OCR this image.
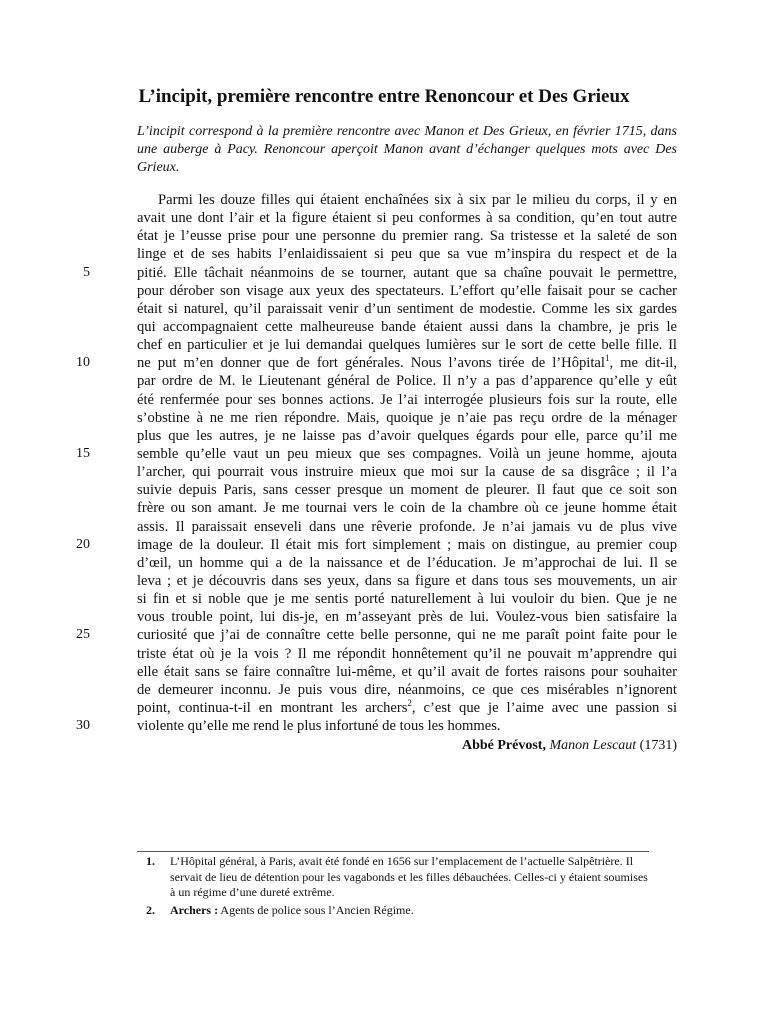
L’incipit, première rencontre entre Renoncour et Des Grieux

L’incipit correspond à la première rencontre avec Manon et Des Grieux, en février 1715, dans une auberge à Pacy. Renoncour aperçoit Manon avant d’échanger quelques mots avec Des Grieux.

Parmi les douze filles qui étaient enchaînées six à six par le milieu du corps, il y en
avait une dont l’air et la figure étaient si peu conformes à sa condition, qu’en tout autre
état je l’eusse prise pour une personne du premier rang. Sa tristesse et la saleté de son
linge et de ses habits l’enlaidissaient si peu que sa vue m’inspira du respect et de la
5	pitié. Elle tâchait néanmoins de se tourner, autant que sa chaîne pouvait le permettre,
pour dérober son visage aux yeux des spectateurs. L’effort qu’elle faisait pour se cacher
était si naturel, qu’il paraissait venir d’un sentiment de modestie. Comme les six gardes
qui accompagnaient cette malheureuse bande étaient aussi dans la chambre, je pris le
chef en particulier et je lui demandai quelques lumières sur le sort de cette belle fille. Il
10	ne put m’en donner que de fort générales. Nous l’avons tirée de l’Hôpital$^1$, me dit-il,
par ordre de M. le Lieutenant général de Police. Il n’y a pas d’apparence qu’elle y eût
été renfermée pour ses bonnes actions. Je l’ai interrogée plusieurs fois sur la route, elle
s’obstine à ne me rien répondre. Mais, quoique je n’aie pas reçu ordre de la ménager
plus que les autres, je ne laisse pas d’avoir quelques égards pour elle, parce qu’il me
15	semble qu’elle vaut un peu mieux que ses compagnes. Voilà un jeune homme, ajouta
l’archer, qui pourrait vous instruire mieux que moi sur la cause de sa disgrâce ; il l’a
suivie depuis Paris, sans cesser presque un moment de pleurer. Il faut que ce soit son
frère ou son amant. Je me tournai vers le coin de la chambre où ce jeune homme était
assis. Il paraissait enseveli dans une rêverie profonde. Je n’ai jamais vu de plus vive
20	image de la douleur. Il était mis fort simplement ; mais on distingue, au premier coup
d’œil, un homme qui a de la naissance et de l’éducation. Je m’approchai de lui. Il se
leva ; et je découvris dans ses yeux, dans sa figure et dans tous ses mouvements, un air
si fin et si noble que je me sentis porté naturellement à lui vouloir du bien. Que je ne
vous trouble point, lui dis-je, en m’asseyant près de lui. Voulez-vous bien satisfaire la
25	curiosité que j’ai de connaître cette belle personne, qui ne me paraît point faite pour le
triste état où je la vois ? Il me répondit honnêtement qu’il ne pouvait m’apprendre qui
elle était sans se faire connaître lui-même, et qu’il avait de fortes raisons pour souhaiter
de demeurer inconnu. Je puis vous dire, néanmoins, ce que ces misérables n’ignorent
point, continua-t-il en montrant les archers$^2$, c’est que je l’aime avec une passion si
30	violente qu’elle me rend le plus infortuné de tous les hommes.
Abbé Prévost, Manon Lescaut (1731)
1.	L’Hôpital général, à Paris, avait été fondé en 1656 sur l’emplacement de l’actuelle Salpêtrière. Il servait de lieu de détention pour les vagabonds et les filles débauchées. Celles-ci y étaient soumises à un régime d’une dureté extrême.
2.	Archers : Agents de police sous l’Ancien Régime.
